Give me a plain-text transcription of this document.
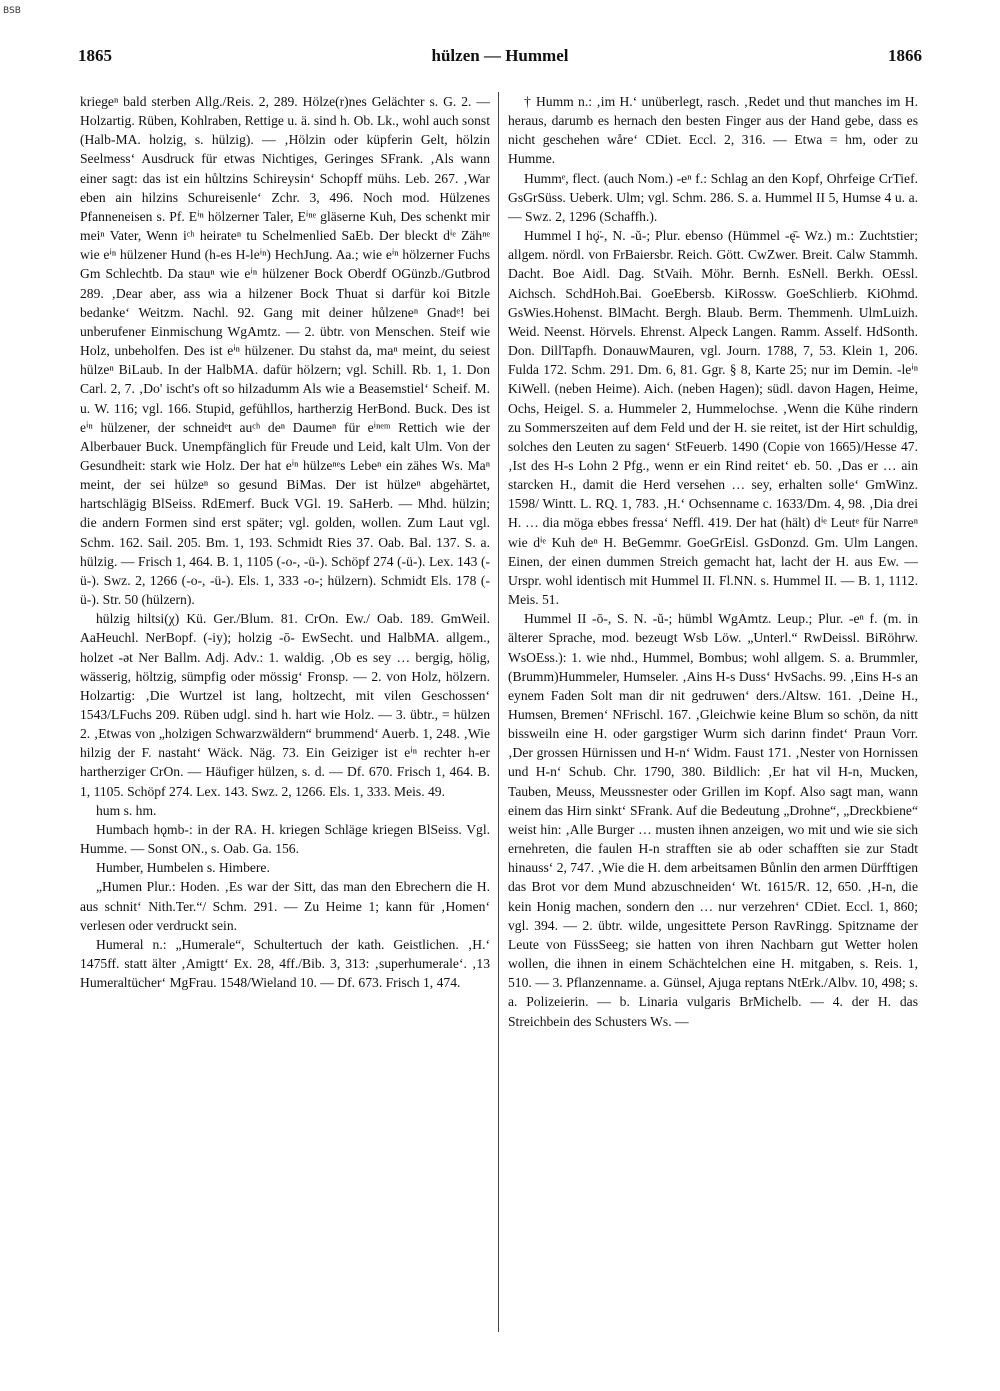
BSB
1865	hülzen — Hummel	1866

kriegeⁿ bald sterben Allg./Reis. 2, 289. Hölze(r)nes Gelächter s. G. 2. — Holzartig. Rüben, Kohlraben, Rettige u. ä. sind h. Ob. Lk., wohl auch sonst (Halb-MA. holzig, s. hülzig). — ‚Hölzin oder küpferin Gelt, hölzin Seelmess‘ Ausdruck für etwas Nichtiges, Geringes SFrank. ‚Als wann einer sagt: das ist ein hůltzins Schireysin‘ Schopff mühs. Leb. 267. ‚War eben ain hilzins Schureisenle‘ Zchr. 3, 496. Noch mod. Hülzenes Pfanneneisen s. Pf. Eⁱⁿ hölzerner Taler, Eⁱⁿᵉ gläserne Kuh, Des schenkt mir meiⁿ Vater, Wenn iᶜʰ heirateⁿ tu Schelmenlied SaEb. Der bleckt dⁱᵉ Zähⁿᵉ wie eⁱⁿ hülzener Hund (h-es H-leⁱⁿ) HechJung. Aa.; wie eⁱⁿ hölzerner Fuchs Gm Schlechtb. Da stauⁿ wie eⁱⁿ hülzener Bock Oberdf OGünzb./Gutbrod 289. ‚Dear aber, ass wia a hilzener Bock Thuat si darfür koi Bitzle bedanke‘ Weitzm. Nachl. 92. Gang mit deiner hůlzeneⁿ Gnadᵉ! bei unberufener Einmischung WgAmtz. — 2. übtr. von Menschen. Steif wie Holz, unbeholfen. Des ist eⁱⁿ hülzener. Du stahst da, maⁿ meint, du seiest hülzeⁿ BiLaub. In der HalbMA. dafür hölzern; vgl. Schill. Rb. 1, 1. Don Carl. 2, 7. ‚Do' ischt's oft so hilzadumm Als wie a Beasemstiel‘ Scheif. M. u. W. 116; vgl. 166. Stupid, gefühllos, hartherzig HerBond. Buck. Des ist eⁱⁿ hülzener, der schneidᵉt auᶜʰ deⁿ Daumeⁿ für eⁱⁿᵉᵐ Rettich wie der Alberbauer Buck. Unempfänglich für Freude und Leid, kalt Ulm. Von der Gesundheit: stark wie Holz. Der hat eⁱⁿ hülzeⁿᵉs Lebeⁿ ein zähes Ws. Maⁿ meint, der sei hülzeⁿ so gesund BiMas. Der ist hülzeⁿ abgehärtet, hartschlägig BlSeiss. RdEmerf. Buck VGl. 19. SaHerb. — Mhd. hülzin; die andern Formen sind erst später; vgl. golden, wollen. Zum Laut vgl. Schm. 162. Sail. 205. Bm. 1, 193. Schmidt Ries 37. Oab. Bal. 137. S. a. hülzig. — Frisch 1, 464. B. 1, 1105 (-o-, -ü-). Schöpf 274 (-ü-). Lex. 143 (-ü-). Swz. 2, 1266 (-o-, -ü-). Els. 1, 333 -o-; hülzern). Schmidt Els. 178 (-ü-). Str. 50 (hülzern).

hülzig hiltsi(χ) Kü. Ger./Blum. 81. CrOn. Ew./ Oab. 189. GmWeil. AaHeuchl. NerBopf. (-iy); holzig -ō- EwSecht. und HalbMA. allgem., holzet -ət Ner Ballm. Adj. Adv.: 1. waldig. ‚Ob es sey … bergig, hölig, wässerig, höltzig, sümpfig oder mössig‘ Fronsp. — 2. von Holz, hölzern. Holzartig: ‚Die Wurtzel ist lang, holtzecht, mit vilen Geschossen‘ 1543/LFuchs 209. Rüben udgl. sind h. hart wie Holz. — 3. übtr., = hülzen 2. ‚Etwas von „holzigen Schwarzwäldern“ brummend‘ Auerb. 1, 248. ‚Wie hilzig der F. nastaht‘ Wäck. Näg. 73. Ein Geiziger ist eⁱⁿ rechter h-er hartherziger CrOn. — Häufiger hülzen, s. d. — Df. 670. Frisch 1, 464. B. 1, 1105. Schöpf 274. Lex. 143. Swz. 2, 1266. Els. 1, 333. Meis. 49.

hum s. hm.

Humbach hǫmb-: in der RA. H. kriegen Schläge kriegen BlSeiss. Vgl. Humme. — Sonst ON., s. Oab. Ga. 156.

Humber, Humbelen s. Himbere.

„Humen Plur.: Hoden. ‚Es war der Sitt, das man den Ebrechern die H. aus schnit‘ Nith.Ter.“/ Schm. 291. — Zu Heime 1; kann für ‚Homen‘ verlesen oder verdruckt sein.

Humeral n.: „Humerale“, Schultertuch der kath. Geistlichen. ‚H.‘ 1475ff. statt älter ‚Amigtt‘ Ex. 28, 4ff./Bib. 3, 313: ‚superhumerale‘. ‚13 Humeraltücher‘ MgFrau. 1548/Wieland 10. — Df. 673. Frisch 1, 474.

† Humm n.: ‚im H.‘ unüberlegt, rasch. ‚Redet und thut manches im H. heraus, darumb es hernach den besten Finger aus der Hand gebe, dass es nicht geschehen wåre‘ CDiet. Eccl. 2, 316. — Etwa = hm, oder zu Humme.

Hummᵉ, flect. (auch Nom.) -eⁿ f.: Schlag an den Kopf, Ohrfeige CrTief. GsGrSüss. Ueberk. Ulm; vgl. Schm. 286. S. a. Hummel II 5, Humse 4 u. a. — Swz. 2, 1296 (Schaffh.).

Hummel I hǫ̈-, N. -ŭ-; Plur. ebenso (Hümmel -ę̄- Wz.) m.: Zuchtstier; allgem. nördl. von FrBaiersbr. Reich. Gött. CwZwer. Breit. Calw Stammh. Dacht. Boe Aidl. Dag. StVaih. Möhr. Bernh. EsNell. Berkh. OEssl. Aichsch. SchdHoh.Bai. GoeEbersb. KiRossw. GoeSchlierb. KiOhmd. GsWies.Hohenst. BlMacht. Bergh. Blaub. Berm. Themmenh. UlmLuizh. Weid. Neenst. Hörvels. Ehrenst. Alpeck Langen. Ramm. Asself. HdSonth. Don. DillTapfh. DonauwMauren, vgl. Journ. 1788, 7, 53. Klein 1, 206. Fulda 172. Schm. 291. Dm. 6, 81. Ggr. § 8, Karte 25; nur im Demin. -leⁱⁿ KiWell. (neben Heime). Aich. (neben Hagen); südl. davon Hagen, Heime, Ochs, Heigel. S. a. Hummeler 2, Hummelochse. ‚Wenn die Kühe rindern zu Sommerszeiten auf dem Feld und der H. sie reitet, ist der Hirt schuldig, solches den Leuten zu sagen‘ StFeuerb. 1490 (Copie von 1665)/Hesse 47. ‚Ist des H-s Lohn 2 Pfg., wenn er ein Rind reitet‘ eb. 50. ‚Das er … ain starcken H., damit die Herd versehen … sey, erhalten solle‘ GmWinz. 1598/ Wintt. L. RQ. 1, 783. ‚H.‘ Ochsenname c. 1633/Dm. 4, 98. ‚Dia drei H. … dia möga ebbes fressa‘ Neffl. 419. Der hat (hält) dⁱᵉ Leutᵉ für Narreⁿ wie dⁱᵉ Kuh deⁿ H. BeGemmr. GoeGrEisl. GsDonzd. Gm. Ulm Langen. Einen, der einen dummen Streich gemacht hat, lacht der H. aus Ew. — Urspr. wohl identisch mit Hummel II. Fl.NN. s. Hummel II. — B. 1, 1112. Meis. 51.

Hummel II -ō-, S. N. -ŭ-; hümbl WgAmtz. Leup.; Plur. -eⁿ f. (m. in älterer Sprache, mod. bezeugt Wsb Löw. „Unterl.“ RwDeissl. BiRöhrw. WsOEss.): 1. wie nhd., Hummel, Bombus; wohl allgem. S. a. Brummler, (Brumm)Hummeler, Humseler. ‚Ains H-s Duss‘ HvSachs. 99. ‚Eins H-s an eynem Faden Solt man dir nit gedruwen‘ ders./Altsw. 161. ‚Deine H., Humsen, Bremen‘ NFrischl. 167. ‚Gleichwie keine Blum so schön, da nitt bissweiln eine H. oder gargstiger Wurm sich darinn findet‘ Praun Vorr. ‚Der grossen Hürnissen und H-n‘ Widm. Faust 171. ‚Nester von Hornissen und H-n‘ Schub. Chr. 1790, 380. Bildlich: ‚Er hat vil H-n, Mucken, Tauben, Meuss, Meussnester oder Grillen im Kopf. Also sagt man, wann einem das Hirn sinkt‘ SFrank. Auf die Bedeutung „Drohne“, „Dreckbiene“ weist hin: ‚Alle Burger … musten ihnen anzeigen, wo mit und wie sie sich ernehreten, die faulen H-n strafften sie ab oder schafften sie zur Stadt hinauss‘ 2, 747. ‚Wie die H. dem arbeitsamen Bůnlin den armen Dürfftigen das Brot vor dem Mund abzuschneiden‘ Wt. 1615/R. 12, 650. ‚H-n, die kein Honig machen, sondern den … nur verzehren‘ CDiet. Eccl. 1, 860; vgl. 394. — 2. übtr. wilde, ungesittete Person RavRingg. Spitzname der Leute von FüssSeeg; sie hatten von ihren Nachbarn gut Wetter holen wollen, die ihnen in einem Schächtelchen eine H. mitgaben, s. Reis. 1, 510. — 3. Pflanzenname. a. Günsel, Ajuga reptans NtErk./Albv. 10, 498; s. a. Polizeierin. — b. Linaria vulgaris BrMichelb. — 4. der H. das Streichbein des Schusters Ws. —
